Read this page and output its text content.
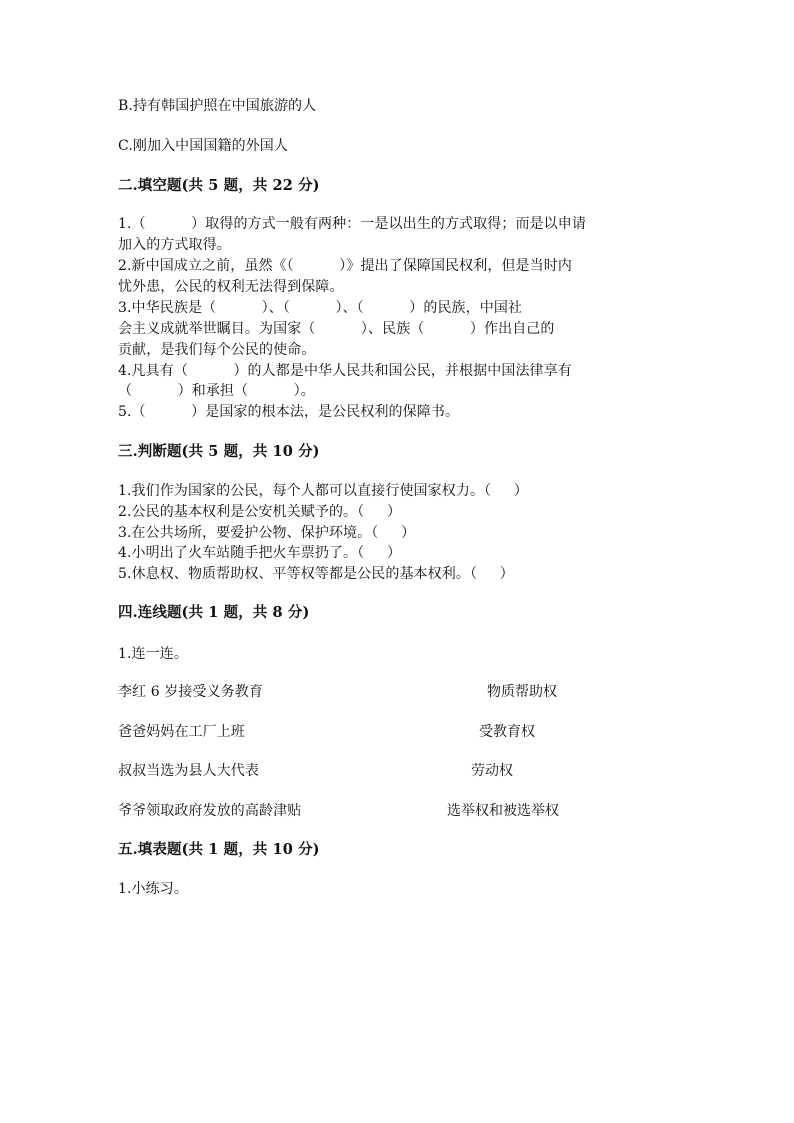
B.持有韩国护照在中国旅游的人
C.刚加入中国国籍的外国人
二.填空题(共 5 题，共 22 分)
1.（          ）取得的方式一般有两种：一是以出生的方式取得；而是以申请
加入的方式取得。
2.新中国成立之前，虽然《（          ）》提出了保障国民权利，但是当时内
忧外患，公民的权利无法得到保障。
3.中华民族是（          ）、（          ）、（          ）的民族，中国社
会主义成就举世瞩目。为国家（          ）、民族（          ）作出自己的
贡献，是我们每个公民的使命。
4.凡具有（          ）的人都是中华人民共和国公民，并根据中国法律享有
（          ）和承担（          ）。
5.（          ）是国家的根本法，是公民权利的保障书。
三.判断题(共 5 题，共 10 分)
1.我们作为国家的公民，每个人都可以直接行使国家权力。（     ）
2.公民的基本权利是公安机关赋予的。（     ）
3.在公共场所，要爱护公物、保护环境。（     ）
4.小明出了火车站随手把火车票扔了。（     ）
5.休息权、物质帮助权、平等权等都是公民的基本权利。（     ）
四.连线题(共 1 题，共 8 分)
1.连一连。
李红 6 岁接受义务教育	物质帮助权
爸爸妈妈在工厂上班	受教育权
叔叔当选为县人大代表	劳动权
爷爷领取政府发放的高龄津贴	选举权和被选举权
五.填表题(共 1 题，共 10 分)
1.小练习。
